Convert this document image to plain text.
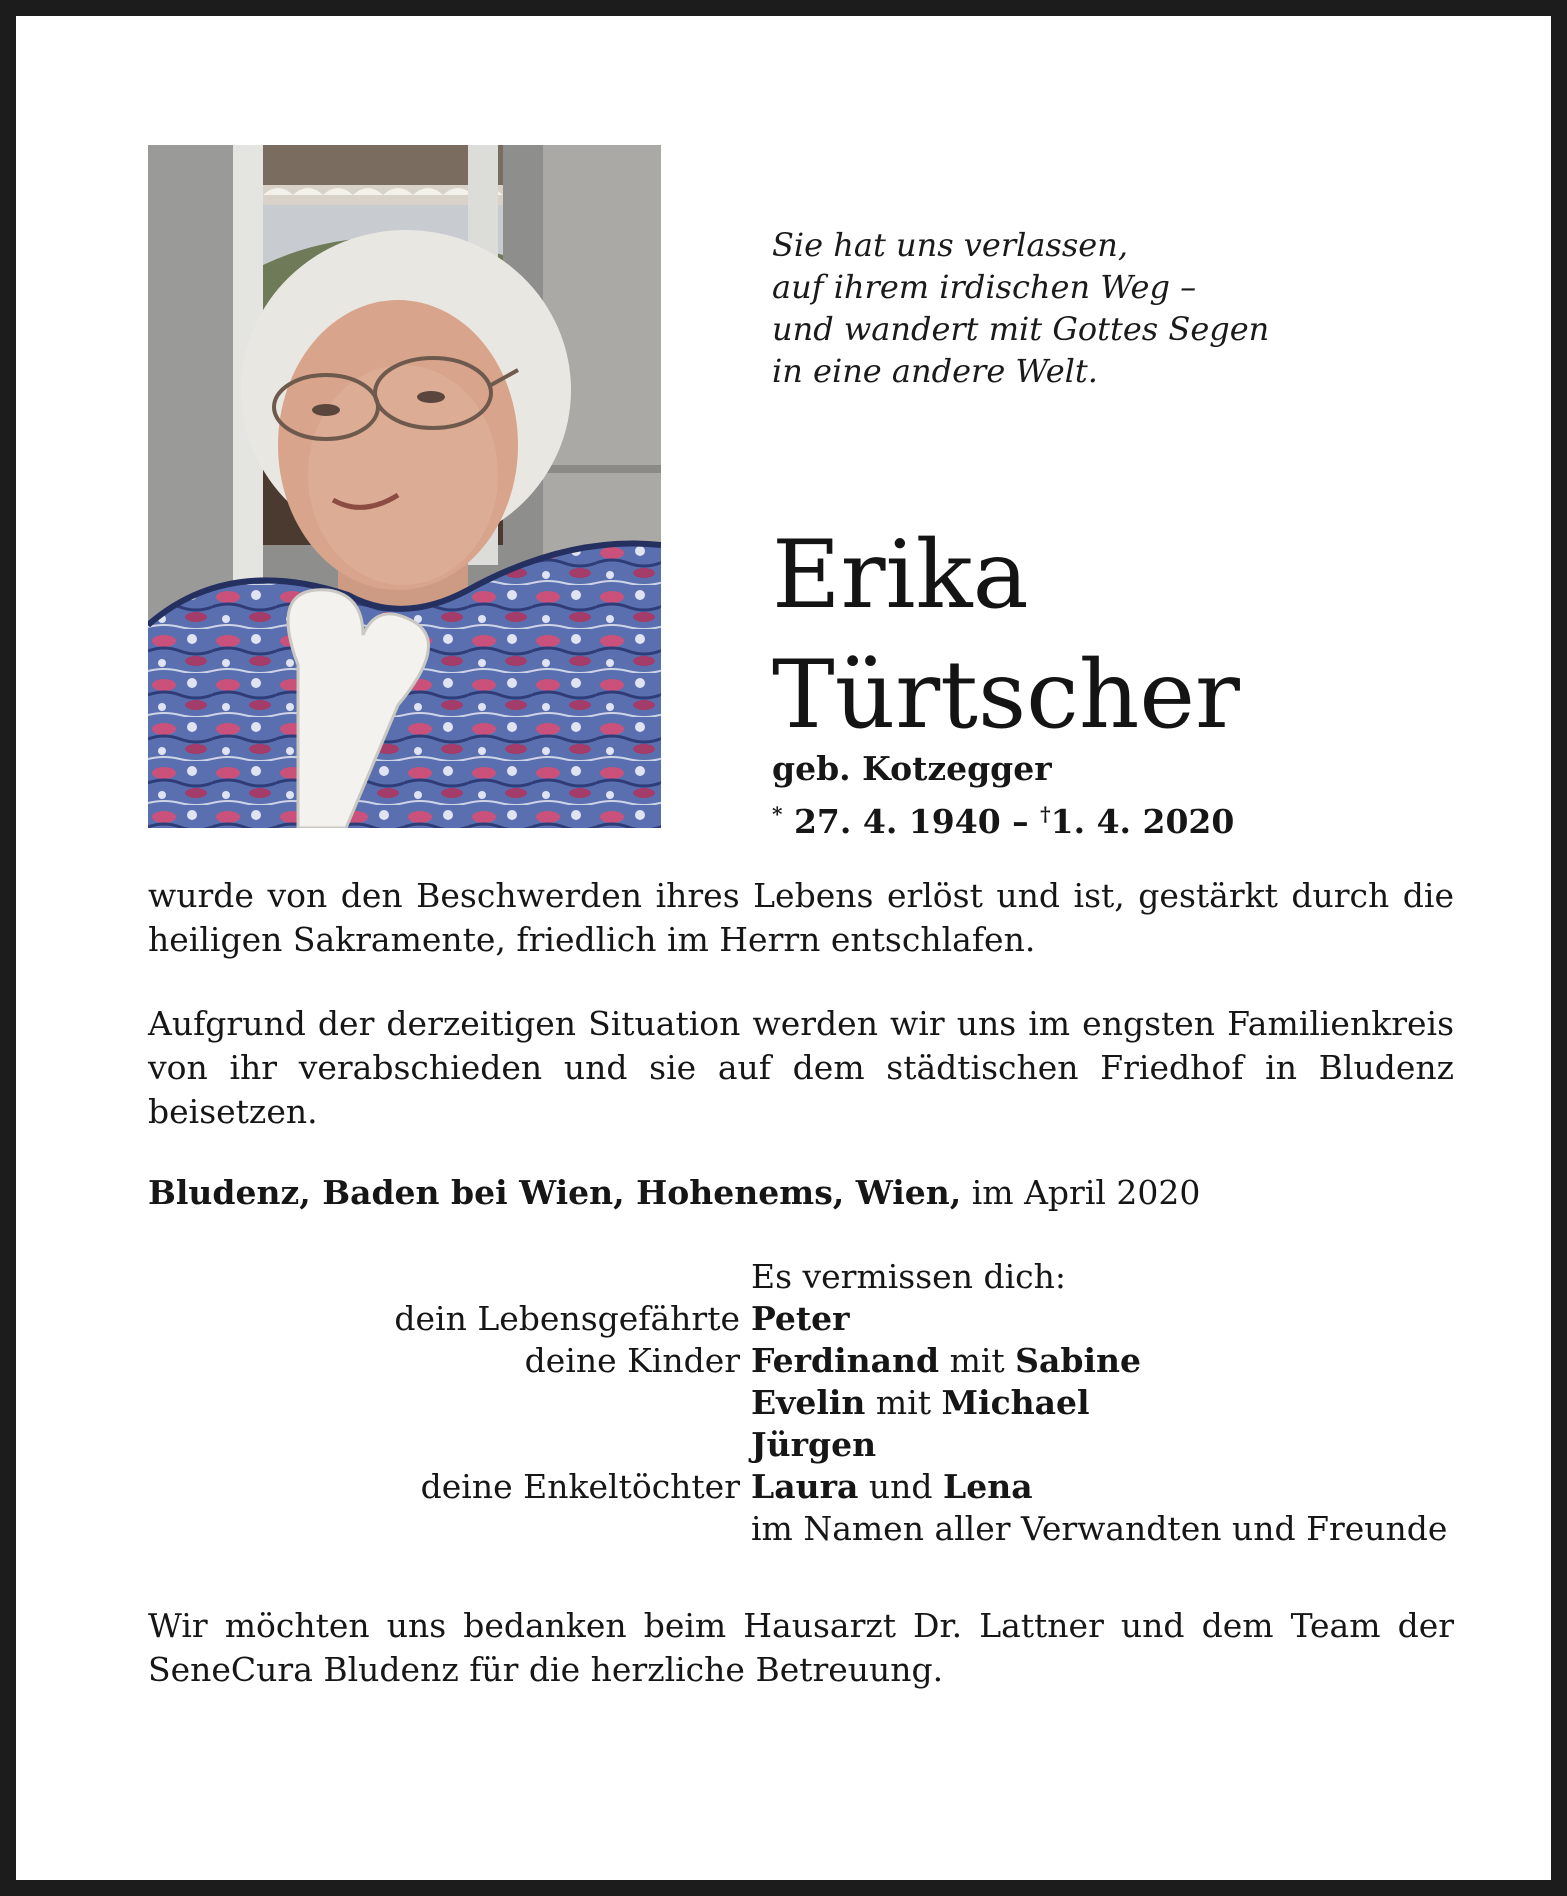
Sie hat uns verlassen,
auf ihrem irdischen Weg –
und wandert mit Gottes Segen
in eine andere Welt.
Erika
Türtscher
geb. Kotzegger
* 27. 4. 1940 – †1. 4. 2020
wurde von den Beschwerden ihres Lebens erlöst und ist, gestärkt durch die heiligen Sakramente, friedlich im Herrn entschlafen.
Aufgrund der derzeitigen Situation werden wir uns im engsten Familienkreis von ihr verabschieden und sie auf dem städtischen Friedhof in Bludenz beisetzen.
Bludenz, Baden bei Wien, Hohenems, Wien, im April 2020
Es vermissen dich:
dein Lebensgefährte Peter
deine Kinder Ferdinand mit Sabine
Evelin mit Michael
Jürgen
deine Enkeltöchter Laura und Lena
im Namen aller Verwandten und Freunde
Wir möchten uns bedanken beim Hausarzt Dr. Lattner und dem Team der SeneCura Bludenz für die herzliche Betreuung.
